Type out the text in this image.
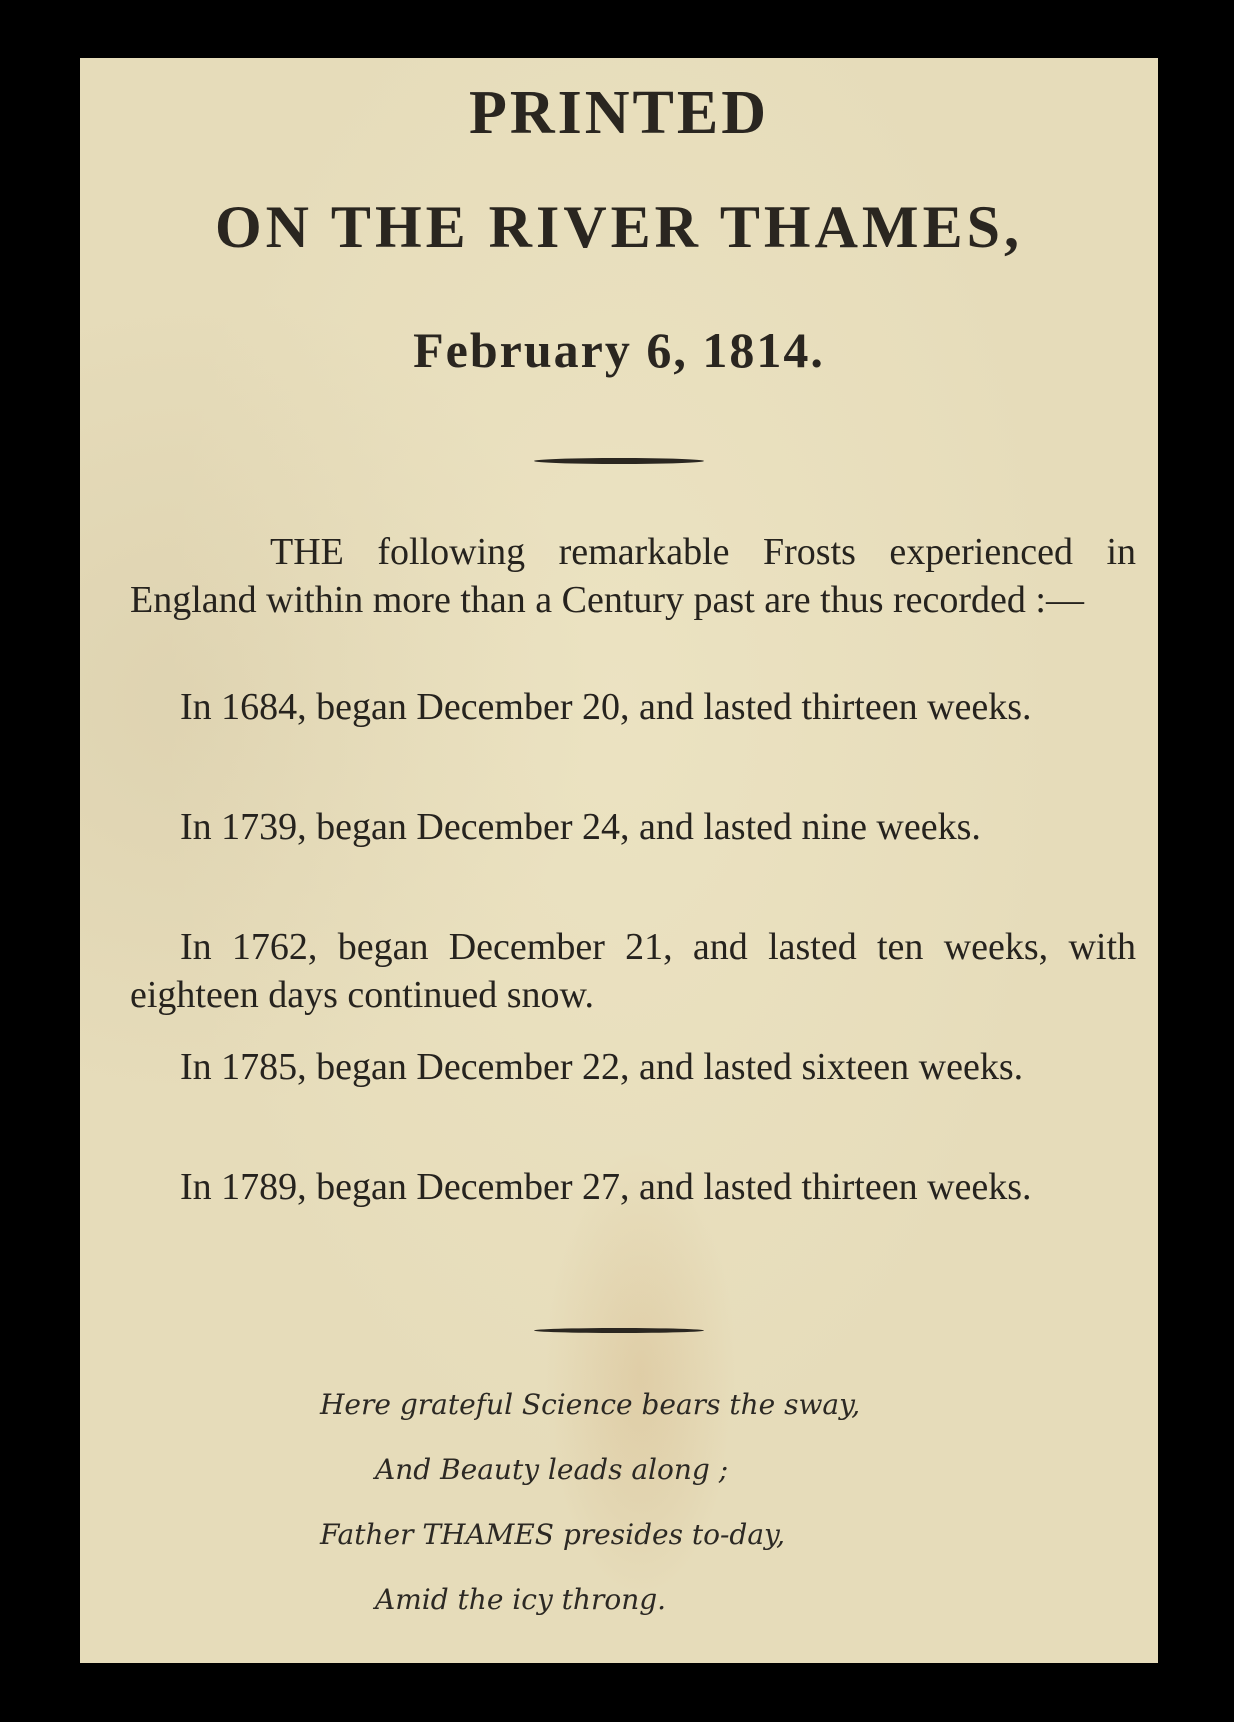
PRINTED
ON THE RIVER THAMES,
February 6, 1814.

THE following remarkable Frosts experienced in England within more than a Century past are thus recorded :—

In 1684, began December 20, and lasted thirteen weeks.

In 1739, began December 24, and lasted nine weeks.

In 1762, began December 21, and lasted ten weeks, with eighteen days continued snow.

In 1785, began December 22, and lasted sixteen weeks.

In 1789, began December 27, and lasted thirteen weeks.

Here grateful Science bears the sway,
And Beauty leads along ;
Father THAMES presides to-day,
Amid the icy throng.
